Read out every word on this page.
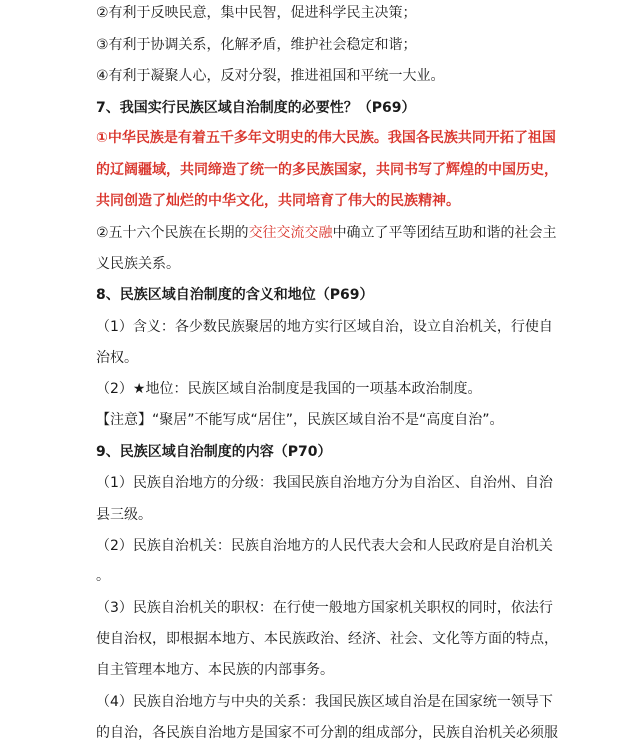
②有利于反映民意，集中民智，促进科学民主决策；
③有利于协调关系，化解矛盾，维护社会稳定和谐；
④有利于凝聚人心，反对分裂，推进祖国和平统一大业。
7、我国实行民族区域自治制度的必要性？（P69）
①中华民族是有着五千多年文明史的伟大民族。我国各民族共同开拓了祖国
的辽阔疆域，共同缔造了统一的多民族国家，共同书写了辉煌的中国历史，
共同创造了灿烂的中华文化，共同培育了伟大的民族精神。
②五十六个民族在长期的交往交流交融中确立了平等团结互助和谐的社会主
义民族关系。
8、民族区域自治制度的含义和地位（P69）
（1）含义：各少数民族聚居的地方实行区域自治，设立自治机关，行使自
治权。
（2）★地位：民族区域自治制度是我国的一项基本政治制度。
【注意】“聚居”不能写成“居住”，民族区域自治不是“高度自治”。
9、民族区域自治制度的内容（P70）
（1）民族自治地方的分级：我国民族自治地方分为自治区、自治州、自治
县三级。
（2）民族自治机关：民族自治地方的人民代表大会和人民政府是自治机关
。
（3）民族自治机关的职权：在行使一般地方国家机关职权的同时，依法行
使自治权，即根据本地方、本民族政治、经济、社会、文化等方面的特点，
自主管理本地方、本民族的内部事务。
（4）民族自治地方与中央的关系：我国民族区域自治是在国家统一领导下
的自治，各民族自治地方是国家不可分割的组成部分，民族自治机关必须服
